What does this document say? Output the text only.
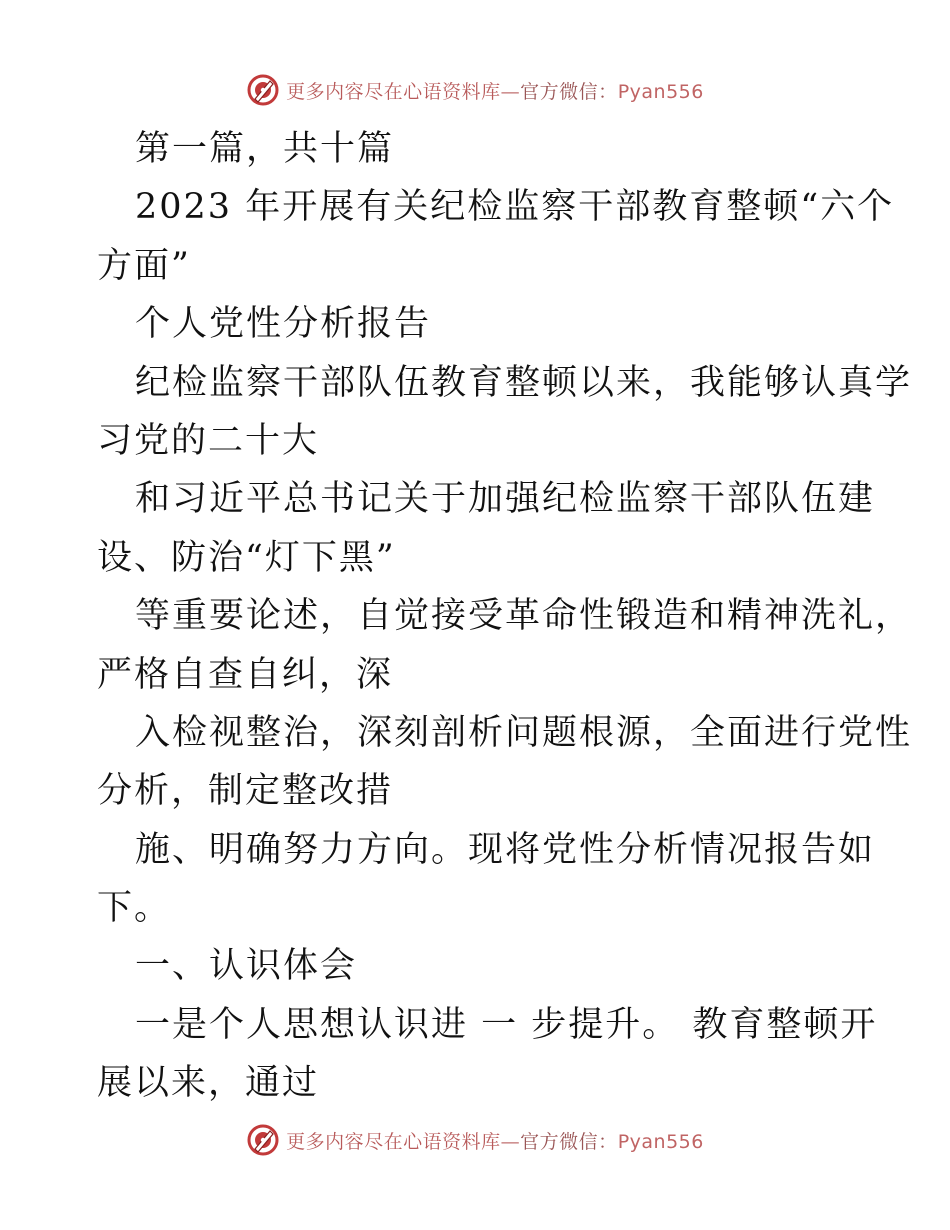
更多内容尽在心语资料库—官方微信：Pyan556
第一篇，共十篇
2023 年开展有关纪检监察干部教育整顿“六个
方面”
个人党性分析报告
纪检监察干部队伍教育整顿以来，我能够认真学
习党的二十大
和习近平总书记关于加强纪检监察干部队伍建
设、防治“灯下黑”
等重要论述，自觉接受革命性锻造和精神洗礼，
严格自查自纠，深
入检视整治，深刻剖析问题根源，全面进行党性
分析，制定整改措
施、明确努力方向。现将党性分析情况报告如
下。
一、认识体会
一是个人思想认识进 一 步提升。 教育整顿开
展以来，通过
更多内容尽在心语资料库—官方微信：Pyan556
